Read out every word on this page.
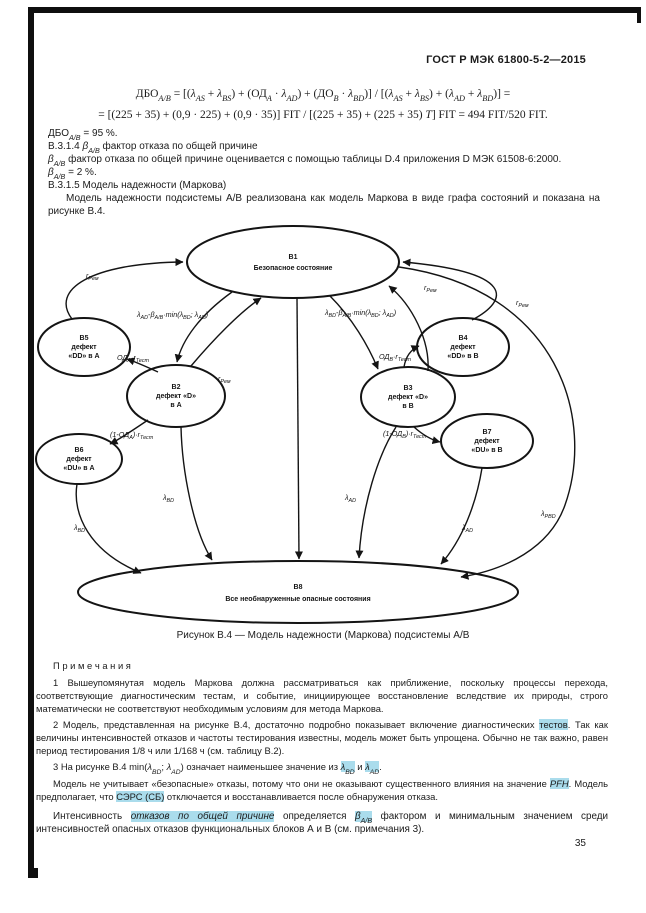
ГОСТ Р МЭК 61800-5-2—2015
$ДБО_{A/B} = [(\lambda_{AS} + \lambda_{BS}) + (ОД_A \cdot \lambda_{AD}) + (ДО_B \cdot \lambda_{BD})] / [(\lambda_{AS} + \lambda_{BS}) + (\lambda_{AD} + \lambda_{BD})]$ =
= [(225 + 35) + (0,9 · 225) + (0,9 · 35)] FIT / [(225 + 35) + (225 + 35) T] FIT = 494 FIT/520 FIT.
$ДБО_{A/B} = 95$ %.
В.3.1.4 $\beta_{A/B}$ фактор отказа по общей причине
$\beta_{A/B}$ фактор отказа по общей причине оценивается с помощью таблицы D.4 приложения D МЭК 61508-6:2000.
$\beta_{A/B} = 2$ %.
В.3.1.5 Модель надежности (Маркова)
Модель надежности подсистемы А/В реализована как модель Маркова в виде графа состояний и показана на рисунке В.4.
$r_{Рем}$
$\lambda_{AD}-\beta_{A/B}\cdot\min(\lambda_{BD}$; $\lambda_{AD}$)	$\lambda_{BD}-\beta_{A/B}\cdot\min(\lambda_{BD}$; $\lambda_{AD}$)
$ОД_А\cdot r_{Тест}$
$(1-ОД_А)\cdot r_{Тест}$
$r_{Рем}$
$ОД_В\cdot r_{Тест}$
$(1-ОД_В)\cdot r_{Тест}$
$r_{Рем}$
$r_{Рем}$
$\lambda_{PBD}$
$\lambda_{BD}$
$\lambda_{BD}$	$\lambda_{AD}$
$\lambda_{AD}$
В1
Безопасное состояние
В5
дефект
«DD» в А
В2
дефект «D»
в А
В6
дефект
«DU» в А
В4
дефект
«DD» в В
В3
дефект «D»
в В
В7
дефект
«DU» в В
В8
Все необнаруженные опасные состояния
Рисунок В.4 — Модель надежности (Маркова) подсистемы А/В
П р и м е ч а н и я

1 Вышеупомянутая модель Маркова должна рассматриваться как приближение, поскольку процессы перехода, соответствующие диагностическим тестам, и событие, инициирующее восстановление вследствие их природы, строго математически не соответствуют необходимым условиям для метода Маркова.

2 Модель, представленная на рисунке В.4, достаточно подробно показывает включение диагностических тестов. Так как величины интенсивностей отказов и частоты тестирования известны, модель может быть упрощена. Обычно не так важно, равен период тестирования 1/8 ч или 1/168 ч (см. таблицу В.2).

3 На рисунке В.4 $\min(\lambda_{BD}$; $\lambda_{AD}$) означает наименьшее значение из $\lambda_{BD}$ и $\lambda_{AD}$.

Модель не учитывает «безопасные» отказы, потому что они не оказывают существенного влияния на значение PFH. Модель предполагает, что СЭРС (СБ) отключается и восстанавливается после обнаружения отказа.

Интенсивность отказов по общей причине определяется $\beta_{A/B}$ фактором и минимальным значением среди интенсивностей опасных отказов функциональных блоков А и В (см. примечания 3).
35
